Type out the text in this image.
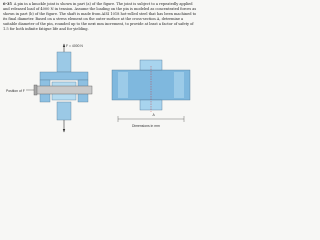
6-35 A pin in a knuckle joint is shown in part (a) of the figure. The joint is subject to a repeatedly applied and released load of 4000 N in tension. Assume the loading on the pin is modeled as concentrated forces as shown in part (b) of the figure. The shaft is made from AISI 1018 hot-rolled steel that has been machined to its final diameter. Based on a stress element on the outer surface at the cross-section A, determine a suitable diameter of the pin, rounded up to the next mm increment, to provide at least a factor of safety of 1.5 for both infinite fatigue life and for yielding.
F = 4000 N
Position of F
A
Dimensions in mm
